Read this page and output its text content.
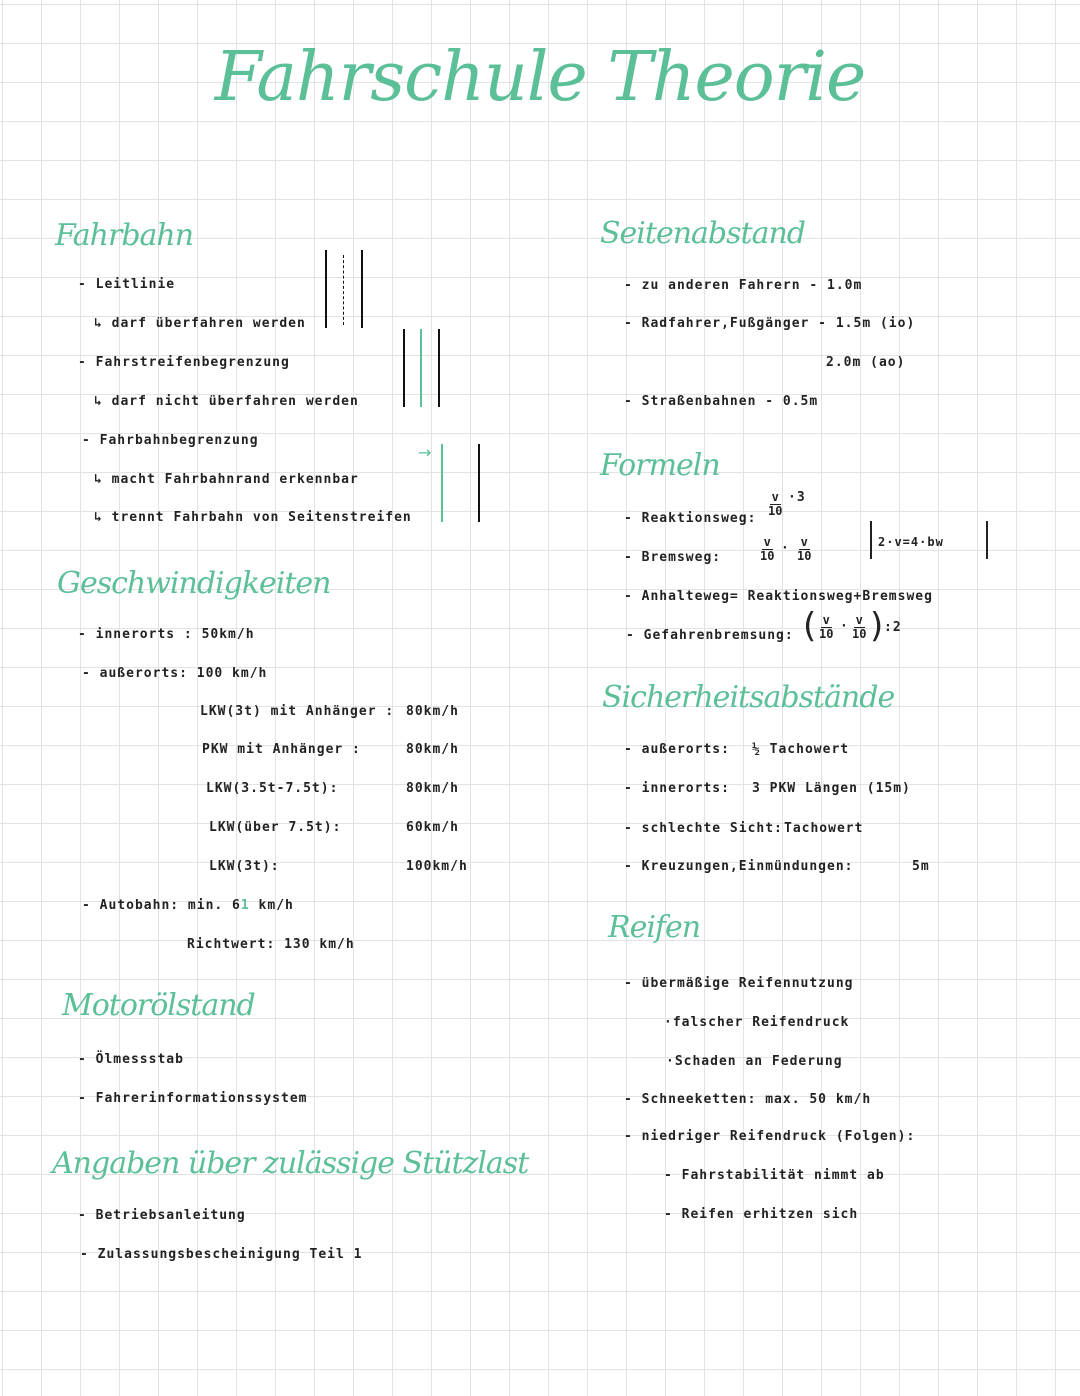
Fahrschule Theorie
Fahrbahn
- Leitlinie
↳ darf überfahren werden
- Fahrstreifenbegrenzung
↳ darf nicht überfahren werden
- Fahrbahnbegrenzung
↳ macht Fahrbahnrand erkennbar
↳ trennt Fahrbahn von Seitenstreifen
→
Geschwindigkeiten
- innerorts : 50km/h
- außerorts: 100 km/h
LKW(3t) mit Anhänger : 80km/h
PKW mit Anhänger :	80km/h
LKW(3.5t-7.5t):	80km/h
LKW(über 7.5t):	60km/h
LKW(3t):	100km/h
- Autobahn: min. 61 km/h
Richtwert: 130 km/h
Motorölstand
- Ölmessstab
- Fahrerinformationssystem
Angaben über zulässige Stützlast
- Betriebsanleitung
- Zulassungsbescheinigung Teil 1
Seitenabstand
- zu anderen Fahrern - 1.0m
- Radfahrer,Fußgänger - 1.5m (io)
2.0m (ao)
- Straßenbahnen - 0.5m
Formeln
- Reaktionsweg:
$\frac{v}{10} \cdot 3$
- Bremsweg:	$\frac{v}{10} \cdot \frac{v}{10}$	2·v=4·bw
- Anhalteweg= Reaktionsweg+Bremsweg
- Gefahrenbremsung: ( $\frac{v}{10} \cdot \frac{v}{10}$ ) :2
Sicherheitsabstände
- außerorts: ½ Tachowert
- innerorts: 3 PKW Längen (15m)
- schlechte Sicht: Tachowert
- Kreuzungen,Einmündungen:	5m
Reifen
- übermäßige Reifennutzung
·falscher Reifendruck
·Schaden an Federung
- Schneeketten: max. 50 km/h
- niedriger Reifendruck (Folgen):
- Fahrstabilität nimmt ab
- Reifen erhitzen sich
